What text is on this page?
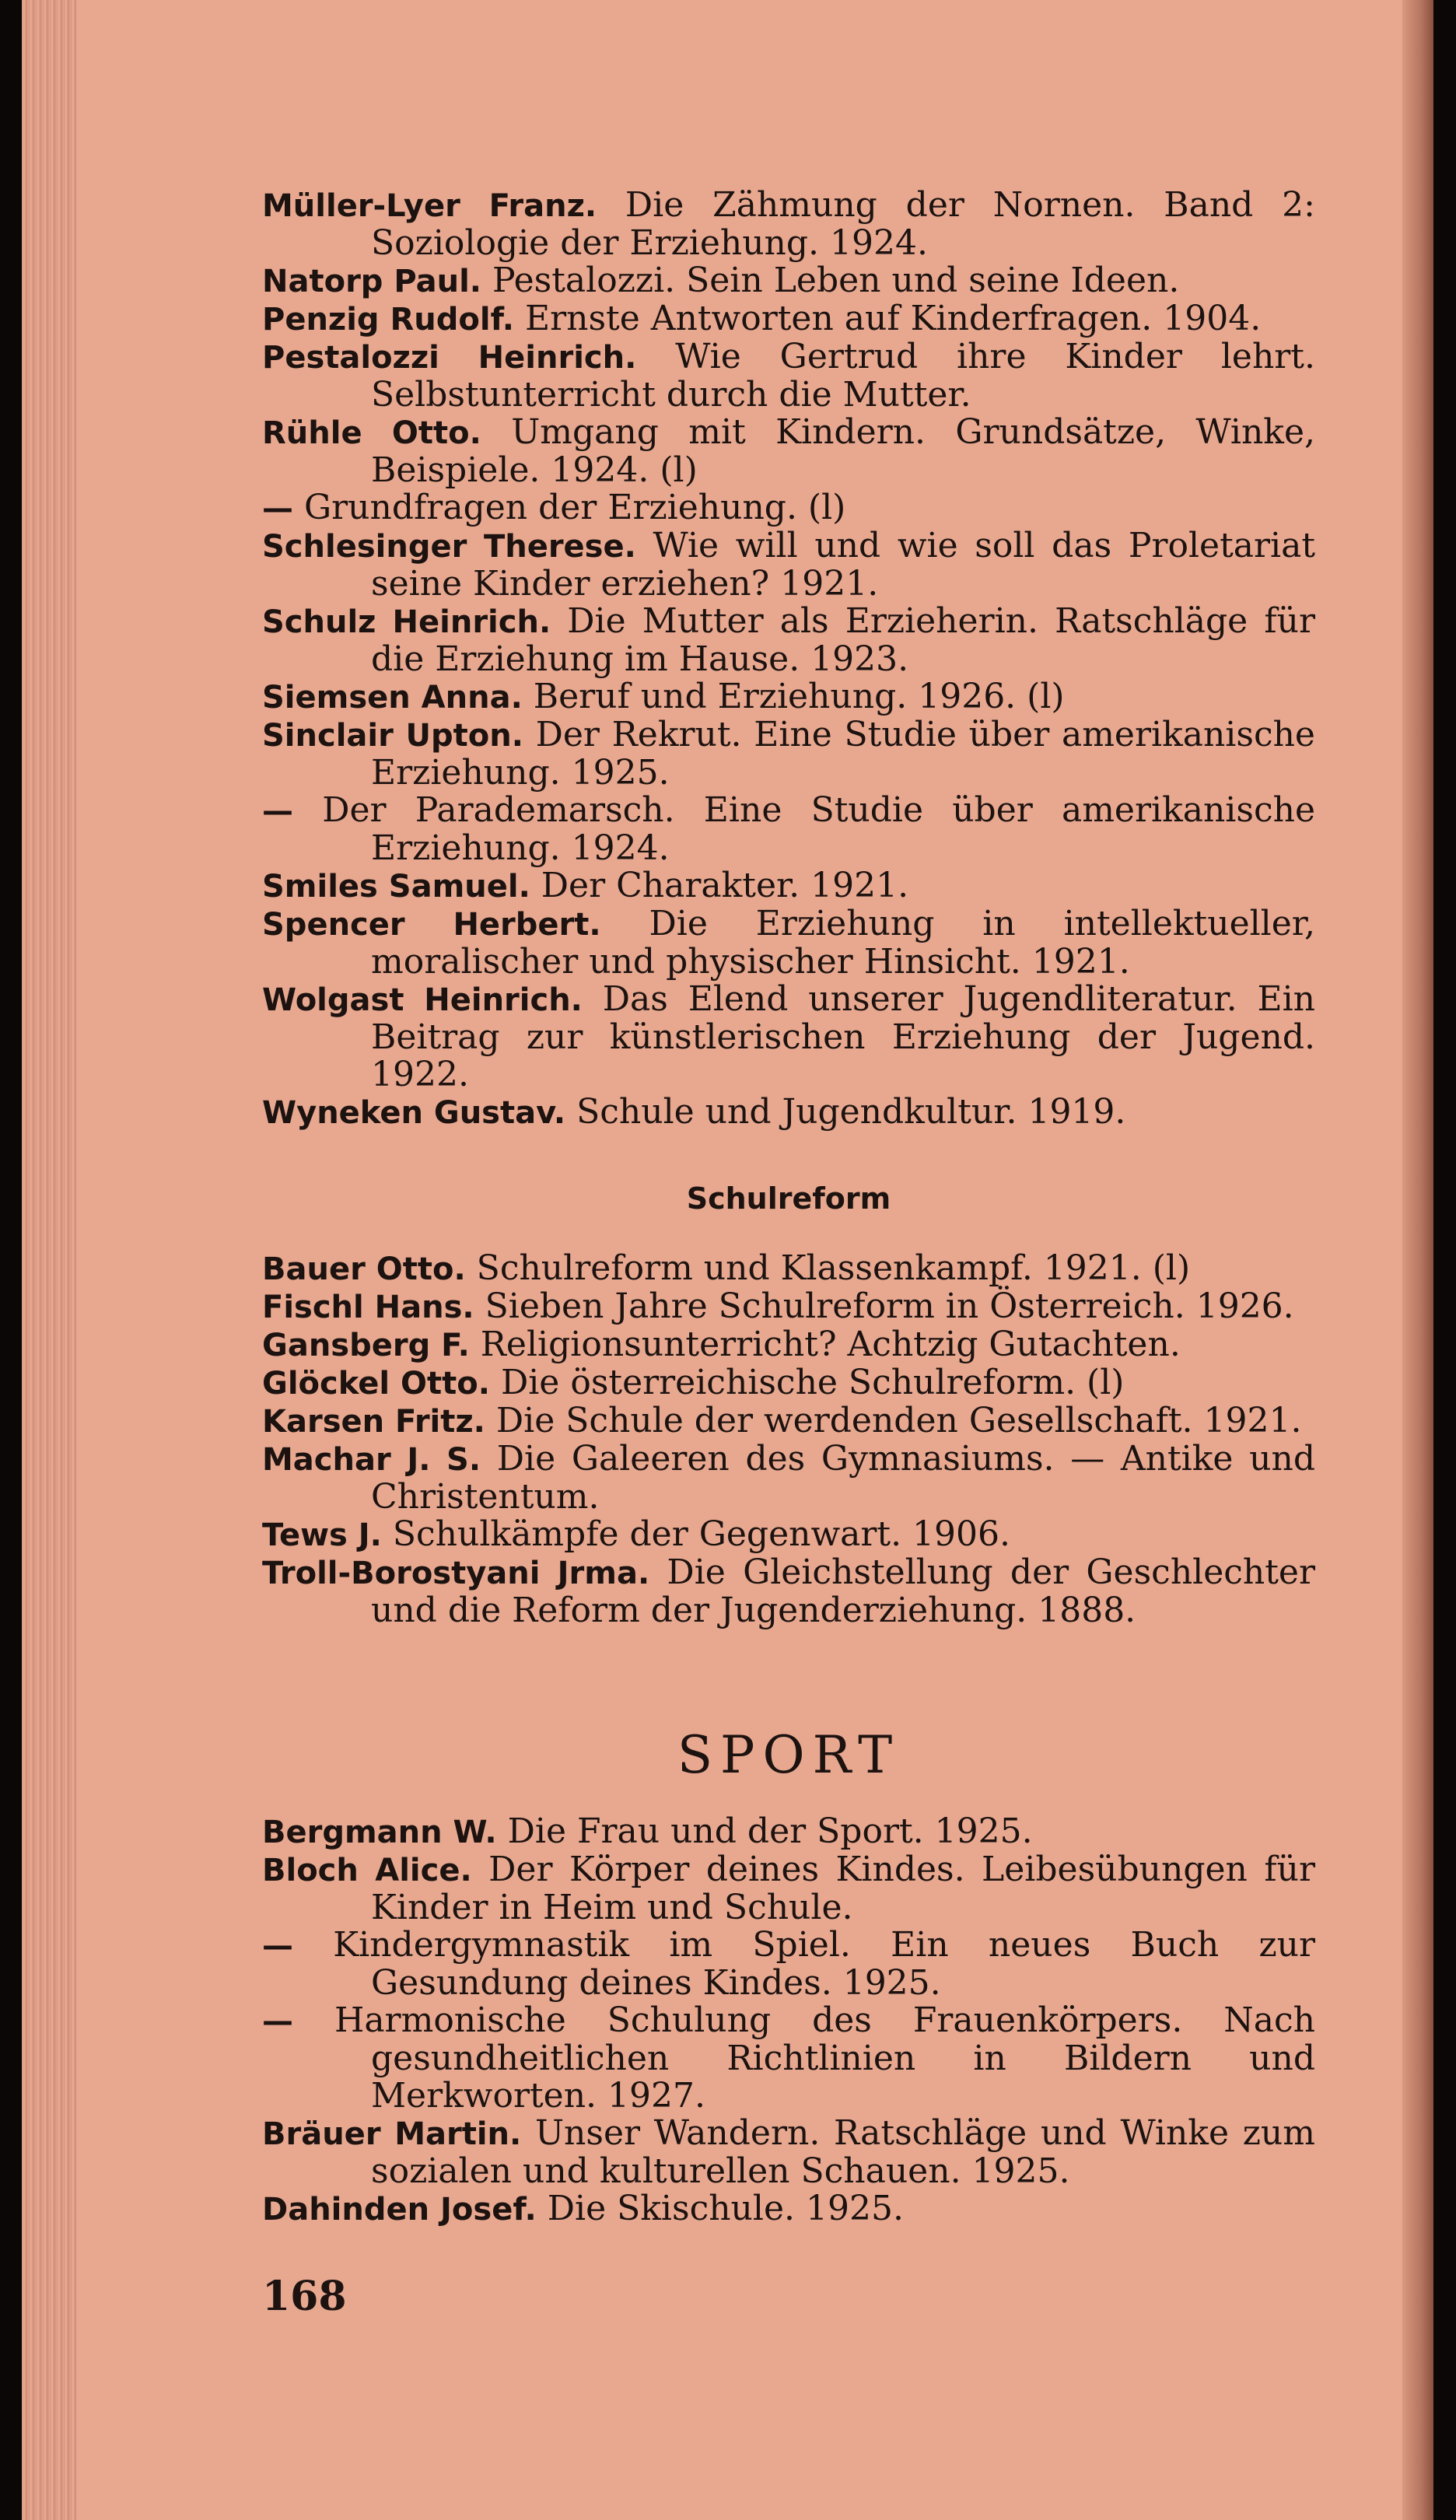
Müller-Lyer Franz. Die Zähmung der Nornen. Band 2: Soziologie der Erziehung. 1924.

Natorp Paul. Pestalozzi. Sein Leben und seine Ideen.

Penzig Rudolf. Ernste Antworten auf Kinderfragen. 1904.

Pestalozzi Heinrich. Wie Gertrud ihre Kinder lehrt. Selbstunterricht durch die Mutter.

Rühle Otto. Umgang mit Kindern. Grundsätze, Winke, Beispiele. 1924. (l)

— Grundfragen der Erziehung. (l)

Schlesinger Therese. Wie will und wie soll das Proletariat seine Kinder erziehen? 1921.

Schulz Heinrich. Die Mutter als Erzieherin. Ratschläge für die Erziehung im Hause. 1923.

Siemsen Anna. Beruf und Erziehung. 1926. (l)

Sinclair Upton. Der Rekrut. Eine Studie über amerikanische Erziehung. 1925.

— Der Parademarsch. Eine Studie über amerikanische Erziehung. 1924.

Smiles Samuel. Der Charakter. 1921.

Spencer Herbert. Die Erziehung in intellektueller, moralischer und physischer Hinsicht. 1921.

Wolgast Heinrich. Das Elend unserer Jugendliteratur. Ein Beitrag zur künstlerischen Erziehung der Jugend. 1922.

Wyneken Gustav. Schule und Jugendkultur. 1919.

Schulreform

Bauer Otto. Schulreform und Klassenkampf. 1921. (l)

Fischl Hans. Sieben Jahre Schulreform in Österreich. 1926.

Gansberg F. Religionsunterricht? Achtzig Gutachten.

Glöckel Otto. Die österreichische Schulreform. (l)

Karsen Fritz. Die Schule der werdenden Gesellschaft. 1921.

Machar J. S. Die Galeeren des Gymnasiums. — Antike und Christentum.

Tews J. Schulkämpfe der Gegenwart. 1906.

Troll-Borostyani Jrma. Die Gleichstellung der Geschlechter und die Reform der Jugenderziehung. 1888.

SPORT

Bergmann W. Die Frau und der Sport. 1925.

Bloch Alice. Der Körper deines Kindes. Leibesübungen für Kinder in Heim und Schule.

— Kindergymnastik im Spiel. Ein neues Buch zur Gesundung deines Kindes. 1925.

— Harmonische Schulung des Frauenkörpers. Nach gesundheitlichen Richtlinien in Bildern und Merkworten. 1927.

Bräuer Martin. Unser Wandern. Ratschläge und Winke zum sozialen und kulturellen Schauen. 1925.

Dahinden Josef. Die Skischule. 1925.

168
